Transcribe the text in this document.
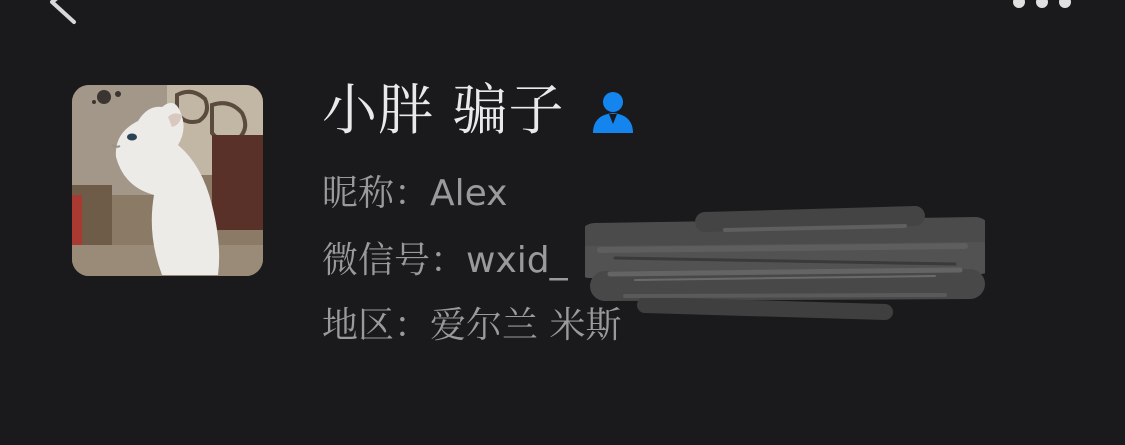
小胖 骗子
昵称：Alex
微信号：wxid_	38	22
地区：爱尔兰 米斯
